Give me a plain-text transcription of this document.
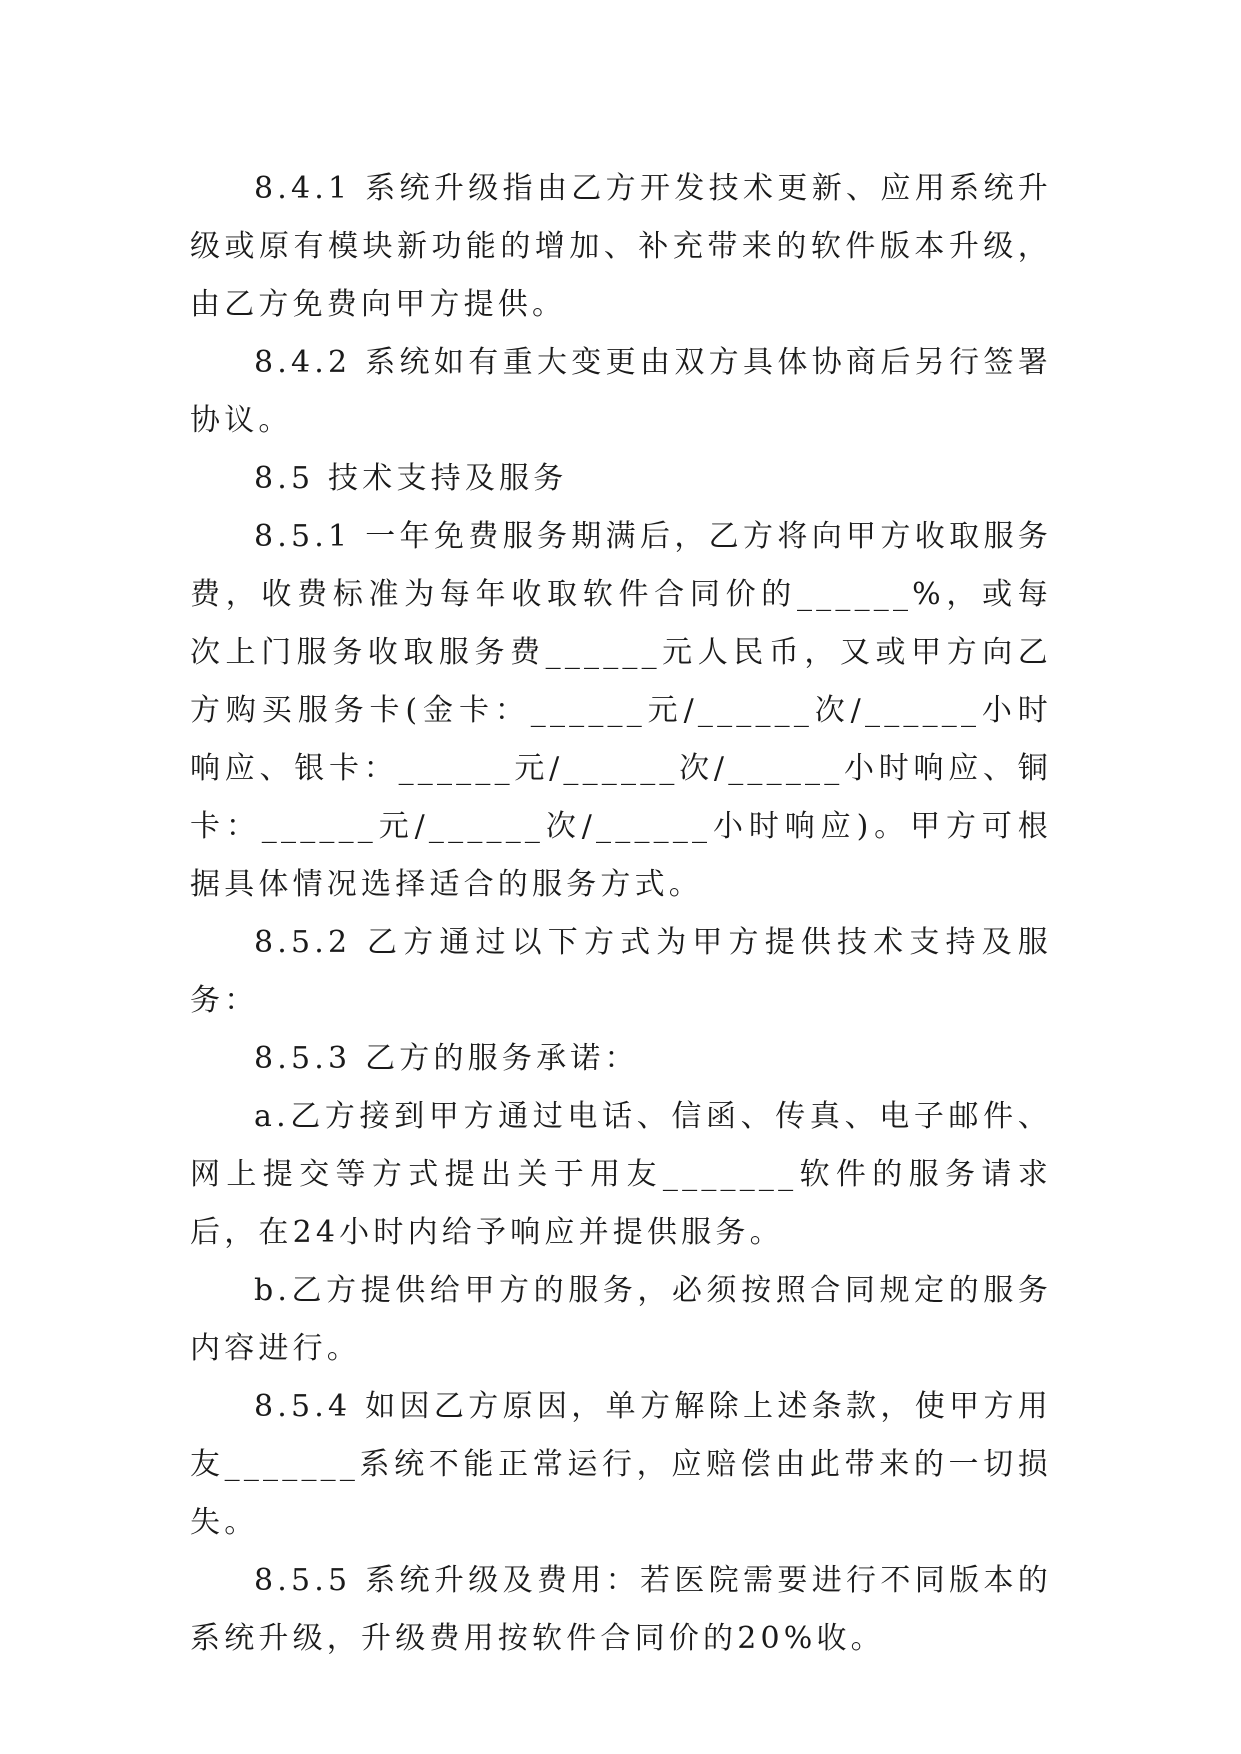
8.4.1 系统升级指由乙方开发技术更新、应用系统升级或原有模块新功能的增加、补充带来的软件版本升级，由乙方免费向甲方提供。

8.4.2 系统如有重大变更由双方具体协商后另行签署协议。

8.5 技术支持及服务

8.5.1 一年免费服务期满后，乙方将向甲方收取服务费，收费标准为每年收取软件合同价的______%，或每次上门服务收取服务费______元人民币，又或甲方向乙方购买服务卡(金卡：______元/______次/______小时响应、银卡：______元/______次/______小时响应、铜卡：______元/______次/______小时响应)。甲方可根据具体情况选择适合的服务方式。

8.5.2 乙方通过以下方式为甲方提供技术支持及服务：

8.5.3 乙方的服务承诺：

a.乙方接到甲方通过电话、信函、传真、电子邮件、网上提交等方式提出关于用友_______软件的服务请求后，在24小时内给予响应并提供服务。

b.乙方提供给甲方的服务，必须按照合同规定的服务内容进行。

8.5.4 如因乙方原因，单方解除上述条款，使甲方用友_______系统不能正常运行，应赔偿由此带来的一切损失。

8.5.5 系统升级及费用：若医院需要进行不同版本的系统升级，升级费用按软件合同价的20%收。
